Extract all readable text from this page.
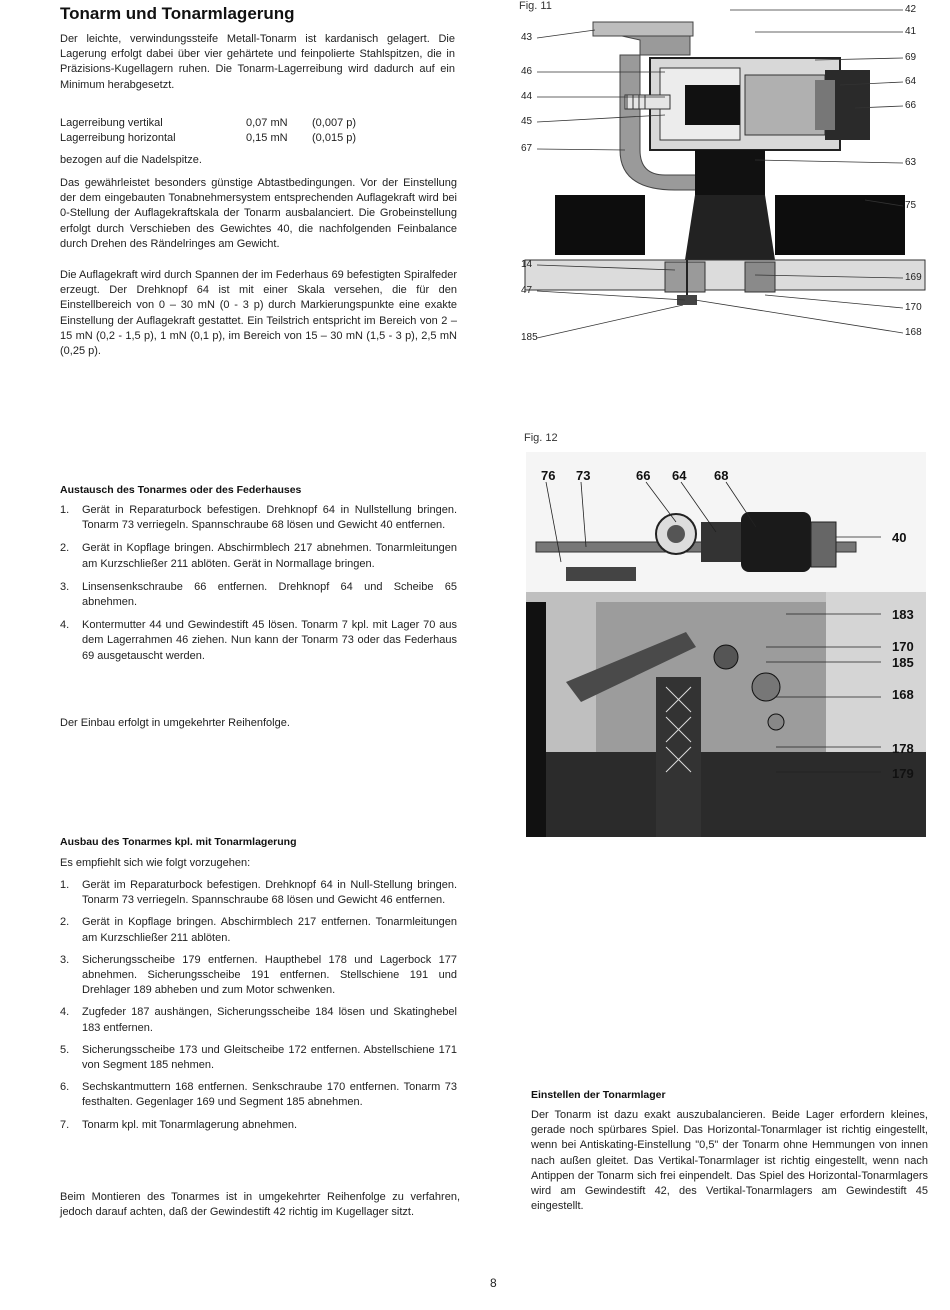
Tonarm und Tonarmlagerung

Der leichte, verwindungssteife Metall-Tonarm ist kardanisch gelagert. Die Lagerung erfolgt dabei über vier gehärtete und feinpolierte Stahlspitzen, die in Präzisions-Kugellagern ruhen. Die Tonarm-Lagerreibung wird dadurch auf ein Minimum herabgesetzt.

Lagerreibung vertikal	0,07 mN (0,007 p)
Lagerreibung horizontal	0,15 mN (0,015 p)

bezogen auf die Nadelspitze.

Das gewährleistet besonders günstige Abtastbedingungen. Vor der Einstellung der dem eingebauten Tonabnehmersystem entsprechenden Auflagekraft wird bei 0-Stellung der Auflagekraftskala der Tonarm ausbalanciert. Die Grobeinstellung erfolgt durch Verschieben des Gewichtes 40, die nachfolgenden Feinbalance durch Drehen des Rändelringes am Gewicht.

Die Auflagekraft wird durch Spannen der im Federhaus 69 befestigten Spiralfeder erzeugt. Der Drehknopf 64 ist mit einer Skala versehen, die für den Einstellbereich von 0 – 30 mN (0 - 3 p) durch Markierungspunkte eine exakte Einstellung der Auflagekraft gestattet. Ein Teilstrich entspricht im Bereich von 2 – 15 mN (0,2 - 1,5 p), 1 mN (0,1 p), im Bereich von 15 – 30 mN (1,5 - 3 p), 2,5 mN (0,25 p).

Austausch des Tonarmes oder des Federhauses
1. Gerät in Reparaturbock befestigen. Drehknopf 64 in Nullstellung bringen. Tonarm 73 verriegeln. Spannschraube 68 lösen und Gewicht 40 entfernen.
2. Gerät in Kopflage bringen. Abschirmblech 217 abnehmen. Tonarmleitungen am Kurzschließer 211 ablöten. Gerät in Normallage bringen.
3. Linsensenkschraube 66 entfernen. Drehknopf 64 und Scheibe 65 abnehmen.
4. Kontermutter 44 und Gewindestift 45 lösen. Tonarm 7 kpl. mit Lager 70 aus dem Lagerrahmen 46 ziehen. Nun kann der Tonarm 73 oder das Federhaus 69 ausgetauscht werden.

Der Einbau erfolgt in umgekehrter Reihenfolge.

Ausbau des Tonarmes kpl. mit Tonarmlagerung

Es empfiehlt sich wie folgt vorzugehen:

1. Gerät im Reparaturbock befestigen. Drehknopf 64 in Null-Stellung bringen. Tonarm 73 verriegeln. Spannschraube 68 lösen und Gewicht 46 entfernen.
2. Gerät in Kopflage bringen. Abschirmblech 217 entfernen. Tonarmleitungen am Kurzschließer 211 ablöten.
3. Sicherungsscheibe 179 entfernen. Haupthebel 178 und Lagerbock 177 abnehmen. Sicherungsscheibe 191 entfernen. Stellschiene 191 und Drehlager 189 abheben und zum Motor schwenken.
4. Zugfeder 187 aushängen, Sicherungsscheibe 184 lösen und Skatinghebel 183 entfernen.
5. Sicherungsscheibe 173 und Gleitscheibe 172 entfernen. Abstellschiene 171 von Segment 185 nehmen.
6. Sechskantmuttern 168 entfernen. Senkschraube 170 entfernen. Tonarm 73 festhalten. Gegenlager 169 und Segment 185 abnehmen.
7. Tonarm kpl. mit Tonarmlagerung abnehmen.

Beim Montieren des Tonarmes ist in umgekehrter Reihenfolge zu verfahren, jedoch darauf achten, daß der Gewindestift 42 richtig im Kugellager sitzt.

Einstellen der Tonarmlager

Der Tonarm ist dazu exakt auszubalancieren. Beide Lager erfordern kleines, gerade noch spürbares Spiel. Das Horizontal-Tonarmlager ist richtig eingestellt, wenn bei Antiskating-Einstellung "0,5" der Tonarm ohne Hemmungen von innen nach außen gleitet. Das Vertikal-Tonarmlager ist richtig eingestellt, wenn nach Antippen der Tonarm sich frei einpendelt. Das Spiel des Horizontal-Tonarmlagers wird am Gewindestift 42, des Vertikal-Tonarmlagers am Gewindestift 45 eingestellt.

Fig. 11
43
46
44
45
67
14
47
185
42
41
69
64
66
63
75
169
170
168
Fig. 12
76 73	66 64 68
40
183
170
185
168
178
179
8
